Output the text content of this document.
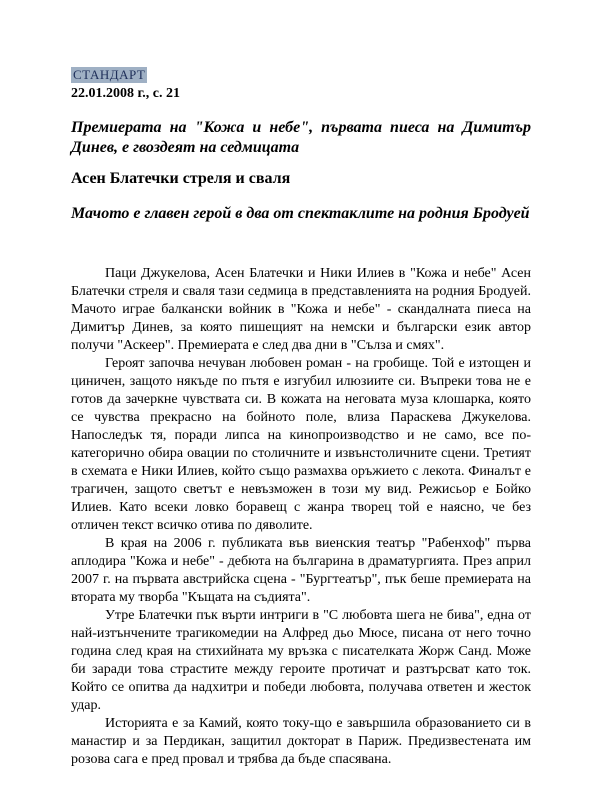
СТАНДАРТ
22.01.2008 г., с. 21
Премиерата на "Кожа и небе", първата пиеса на Димитър Динев, е гвоздеят на седмицата
Асен Блатечки стреля и сваля
Мачото е главен герой в два от спектаклите на родния Бродуей

Паци Джукелова, Асен Блатечки и Ники Илиев в "Кожа и небе" Асен Блатечки стреля и сваля тази седмица в представленията на родния Бродуей. Мачото играе балкански войник в "Кожа и небе" - скандалната пиеса на Димитър Динев, за която пишещият на немски и български език автор получи "Аскеер". Премиерата е след два дни в "Сълза и смях".

Героят започва нечуван любовен роман - на гробище. Той е изтощен и циничен, защото някъде по пътя е изгубил илюзиите си. Въпреки това не е готов да зачеркне чувствата си. В кожата на неговата муза клошарка, която се чувства прекрасно на бойното поле, влиза Параскева Джукелова. Напоследък тя, поради липса на кинопроизводство и не само, все по-категорично обира овации по столичните и извънстоличните сцени. Третият в схемата е Ники Илиев, който също размахва оръжието с лекота. Финалът е трагичен, защото светът е невъзможен в този му вид. Режисьор е Бойко Илиев. Като всеки ловко боравещ с жанра творец той е наясно, че без отличен текст всичко отива по дяволите.

В края на 2006 г. публиката във виенския театър "Рабенхоф" първа аплодира "Кожа и небе" - дебюта на българина в драматургията. През април 2007 г. на първата австрийска сцена - "Бургтеатър", пък беше премиерата на втората му творба "Къщата на съдията".

Утре Блатечки пък върти интриги в "С любовта шега не бива", една от най-изтънчените трагикомедии на Алфред дьо Мюсе, писана от него точно година след края на стихийната му връзка с писателката Жорж Санд. Може би заради това страстите между героите протичат и разтърсват като ток. Който се опитва да надхитри и победи любовта, получава ответен и жесток удар.

Историята е за Камий, която току-що е завършила образованието си в манастир и за Пердикан, защитил докторат в Париж. Предизвестената им розова сага е пред провал и трябва да бъде спасявана.
